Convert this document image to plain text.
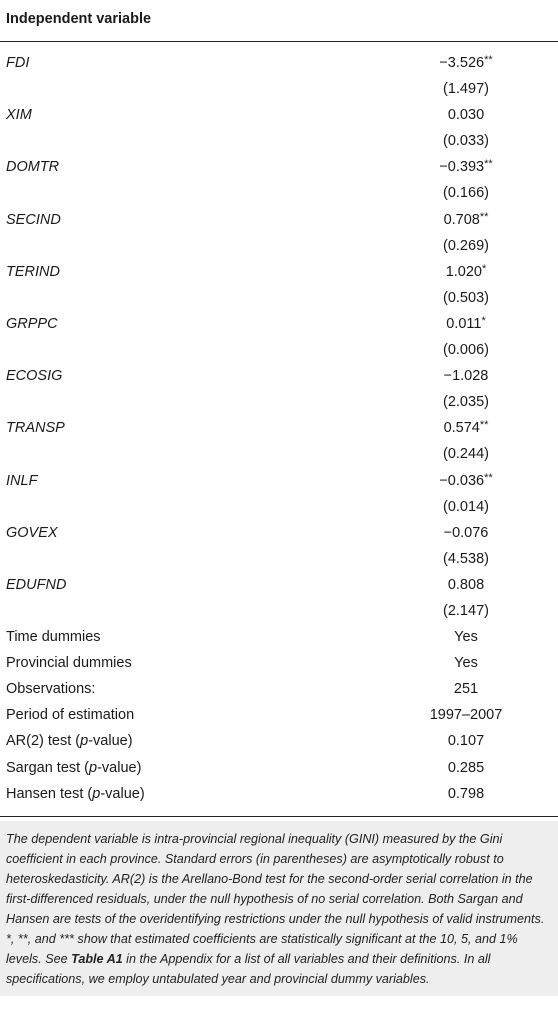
Independent variable
FDI	−3.526**
(1.497)
XIM	0.030
(0.033)
DOMTR	−0.393**
(0.166)
SECIND	0.708**
(0.269)
TERIND	1.020*
(0.503)
GRPPC	0.011*
(0.006)
ECOSIG	−1.028
(2.035)
TRANSP	0.574**
(0.244)
INLF	−0.036**
(0.014)
GOVEX	−0.076
(4.538)
EDUFND	0.808
(2.147)
Time dummies	Yes
Provincial dummies	Yes
Observations:	251
Period of estimation	1997–2007
AR(2) test (p-value)	0.107
Sargan test (p-value)	0.285
Hansen test (p-value)	0.798
The dependent variable is intra-provincial regional inequality (GINI) measured by the Gini coefficient in each province. Standard errors (in parentheses) are asymptotically robust to heteroskedasticity. AR(2) is the Arellano-Bond test for the second-order serial correlation in the first-differenced residuals, under the null hypothesis of no serial correlation. Both Sargan and Hansen are tests of the overidentifying restrictions under the null hypothesis of valid instruments. *, **, and *** show that estimated coefficients are statistically significant at the 10, 5, and 1% levels. See Table A1 in the Appendix for a list of all variables and their definitions. In all specifications, we employ untabulated year and provincial dummy variables.
